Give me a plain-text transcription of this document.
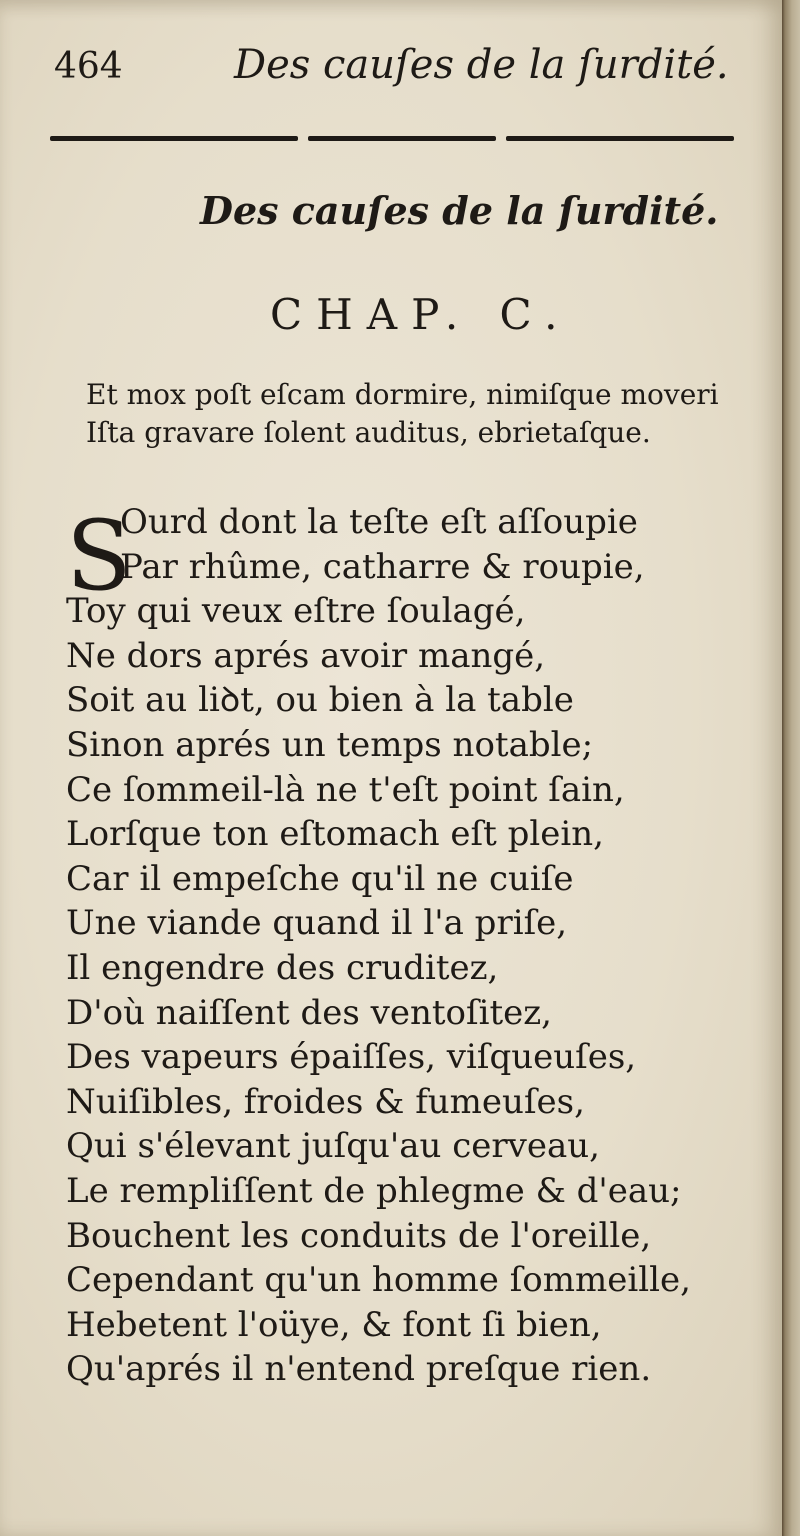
464	Des cauſes de la ſurdité.
Des cauſes de la ſurdité.
CHAP. C.
Et mox poſt eſcam dormire, nimiſque moveri
Iſta gravare ſolent auditus, ebrietaſque.
S
Ourd dont la teſte eſt aſſoupie
Par rhûme, catharre & roupie,
Toy qui veux eſtre ſoulagé,
Ne dors aprés avoir mangé,
Soit au liꝺt, ou bien à la table
Sinon aprés un temps notable;
Ce ſommeil-là ne t'eſt point ſain,
Lorſque ton eſtomach eſt plein,
Car il empeſche qu'il ne cuiſe
Une viande quand il l'a priſe,
Il engendre des cruditez,
D'où naiſſent des ventoſitez,
Des vapeurs épaiſſes, viſqueuſes,
Nuiſibles, froides & fumeuſes,
Qui s'élevant juſqu'au cerveau,
Le rempliſſent de phlegme & d'eau;
Bouchent les conduits de l'oreille,
Cependant qu'un homme ſommeille,
Hebetent l'oüye, & font ſi bien,
Qu'aprés il n'entend preſque rien.
